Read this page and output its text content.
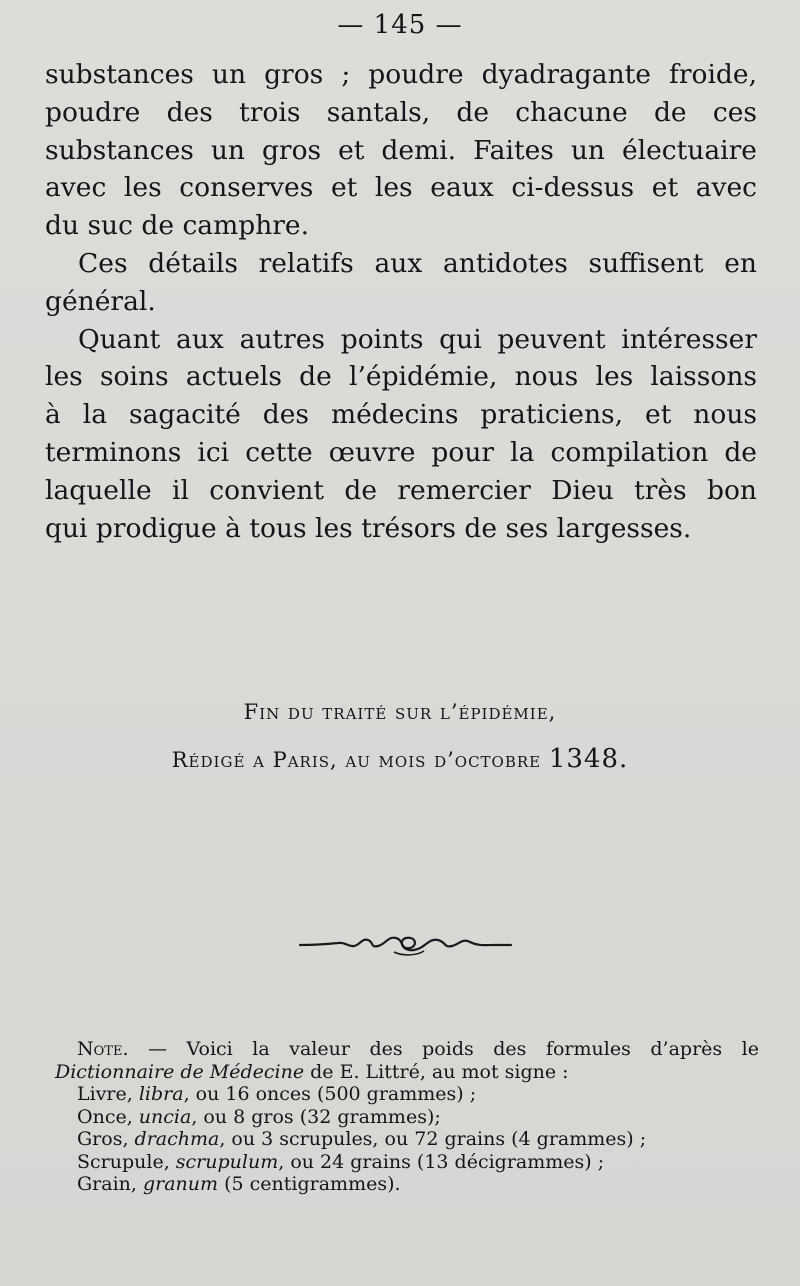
— 145 —
substances un gros ; poudre dyadragante froide,
poudre des trois santals, de chacune de ces
substances un gros et demi. Faites un électuaire
avec les conserves et les eaux ci-dessus et avec
du suc de camphre.
Ces détails relatifs aux antidotes suffisent en
général.
Quant aux autres points qui peuvent intéresser
les soins actuels de l’épidémie, nous les laissons
à la sagacité des médecins praticiens, et nous
terminons ici cette œuvre pour la compilation de
laquelle il convient de remercier Dieu très bon
qui prodigue à tous les trésors de ses largesses.
Fin du traité sur l’épidémie,
Rédigé a Paris, au mois d’octobre 1348.
Note. — Voici la valeur des poids des formules d’après le
Dictionnaire de Médecine de E. Littré, au mot signe :
Livre, libra, ou 16 onces (500 grammes) ;
Once, uncia, ou 8 gros (32 grammes);
Gros, drachma, ou 3 scrupules, ou 72 grains (4 grammes) ;
Scrupule, scrupulum, ou 24 grains (13 décigrammes) ;
Grain, granum (5 centigrammes).
